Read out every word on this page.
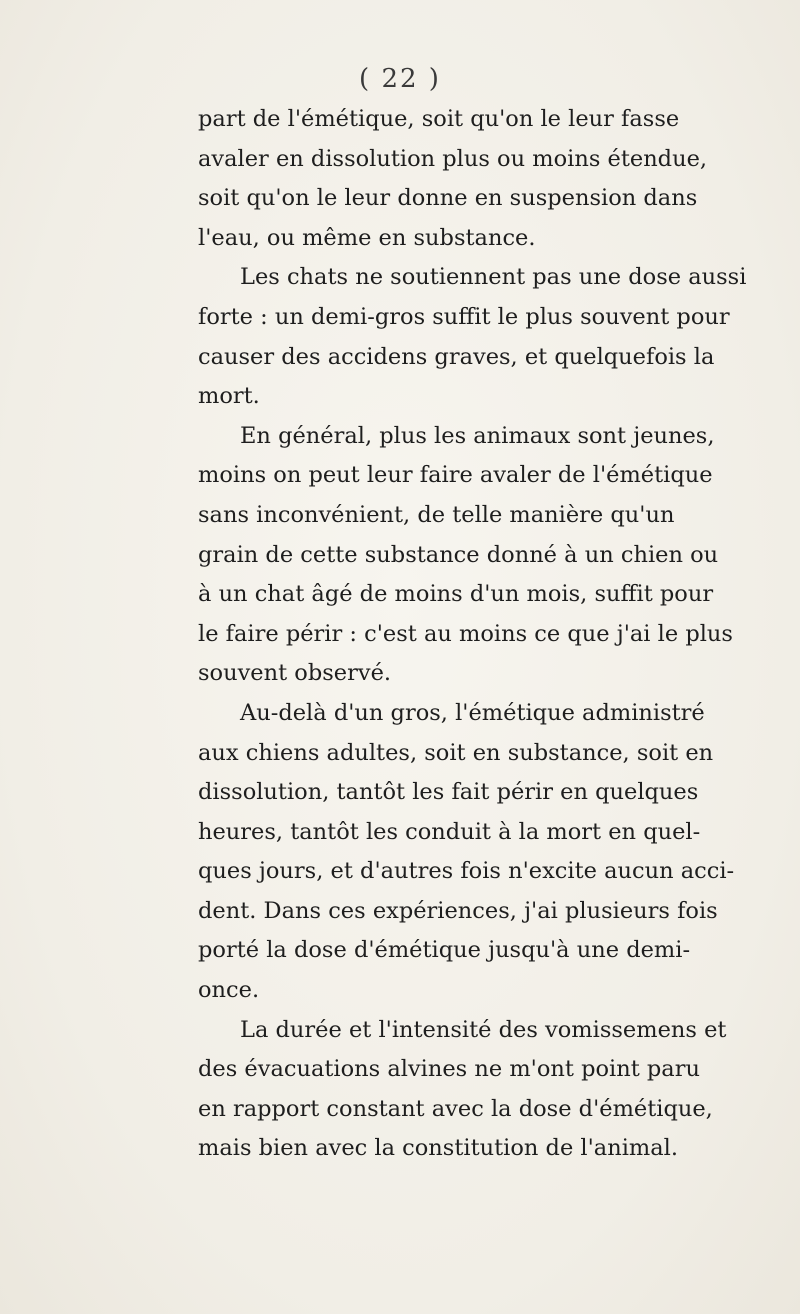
( 22 )
part de l'émétique, soit qu'on le leur fasse
avaler en dissolution plus ou moins étendue,
soit qu'on le leur donne en suspension dans
l'eau, ou même en substance.
Les chats ne soutiennent pas une dose aussi
forte : un demi-gros suffit le plus souvent pour
causer des accidens graves, et quelquefois la
mort.
En général, plus les animaux sont jeunes,
moins on peut leur faire avaler de l'émétique
sans inconvénient, de telle manière qu'un
grain de cette substance donné à un chien ou
à un chat âgé de moins d'un mois, suffit pour
le faire périr : c'est au moins ce que j'ai le plus
souvent observé.
Au-delà d'un gros, l'émétique administré
aux chiens adultes, soit en substance, soit en
dissolution, tantôt les fait périr en quelques
heures, tantôt les conduit à la mort en quel-
ques jours, et d'autres fois n'excite aucun acci-
dent. Dans ces expériences, j'ai plusieurs fois
porté la dose d'émétique jusqu'à une demi-
once.
La durée et l'intensité des vomissemens et
des évacuations alvines ne m'ont point paru
en rapport constant avec la dose d'émétique,
mais bien avec la constitution de l'animal.
